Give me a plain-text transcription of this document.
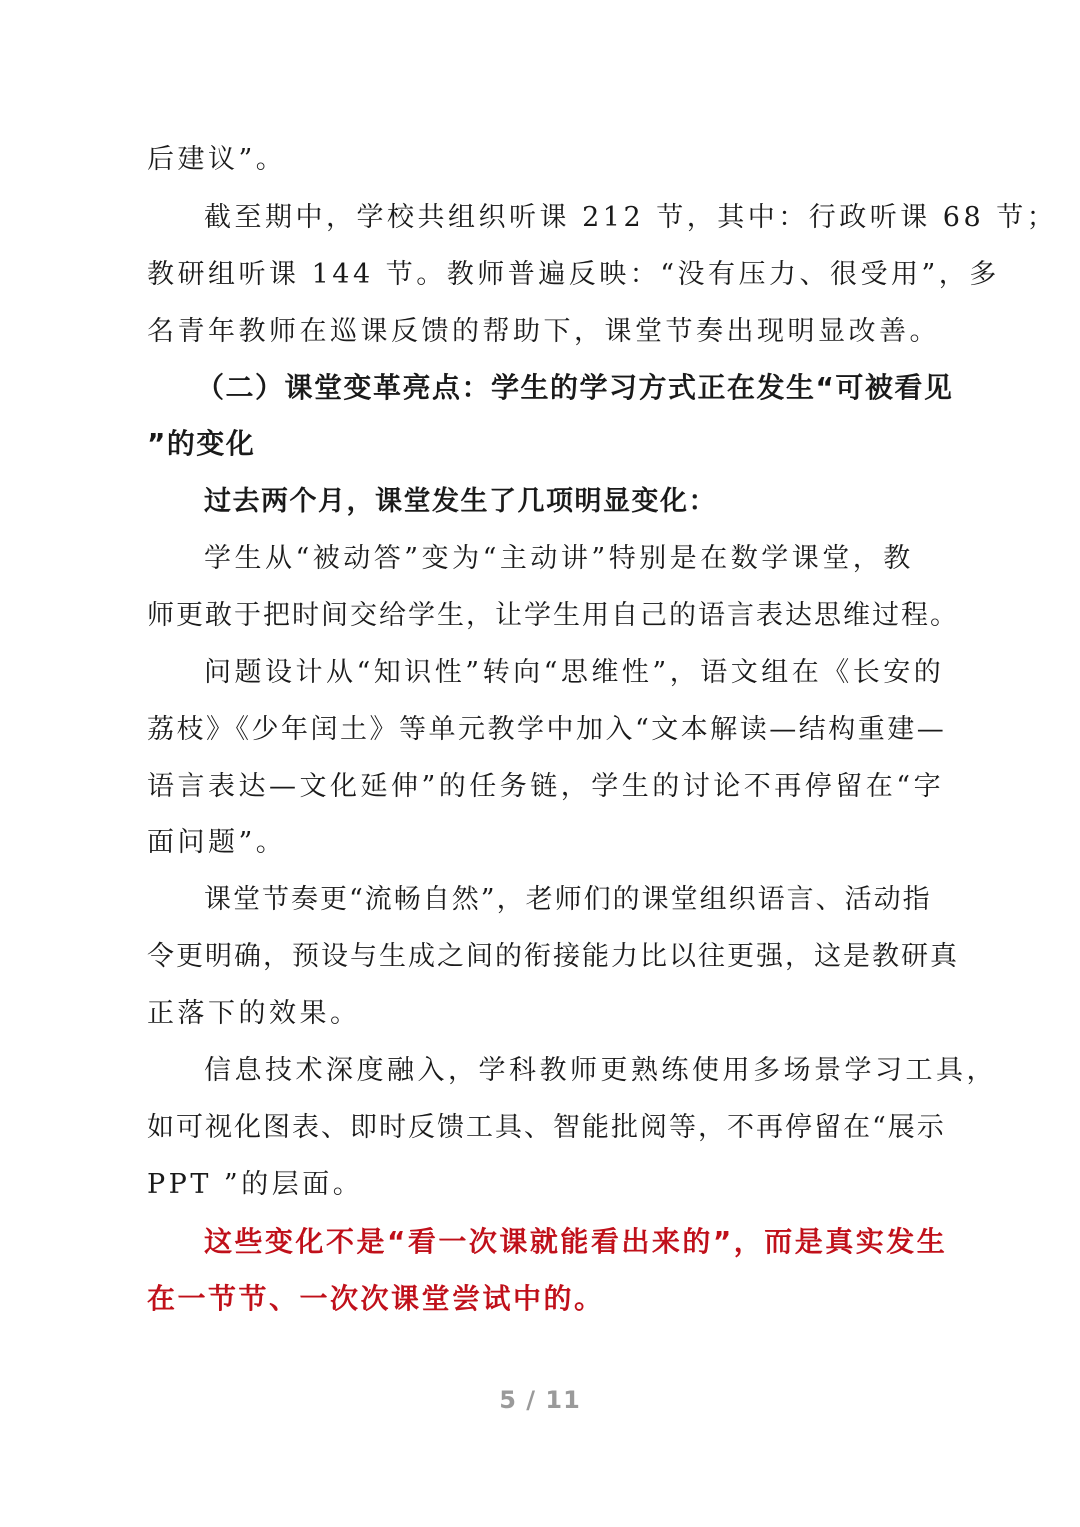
后建议”。
截至期中，学校共组织听课 212 节，其中：行政听课 68 节；
教研组听课 144 节。教师普遍反映：“没有压力、很受用”，多
名青年教师在巡课反馈的帮助下，课堂节奏出现明显改善。
（二）课堂变革亮点：学生的学习方式正在发生“可被看见
”的变化
过去两个月，课堂发生了几项明显变化：
学生从“被动答”变为“主动讲”特别是在数学课堂，教
师更敢于把时间交给学生，让学生用自己的语言表达思维过程。
问题设计从“知识性”转向“思维性”，语文组在《长安的
荔枝》《少年闰土》等单元教学中加入“文本解读—结构重建—
语言表达—文化延伸”的任务链，学生的讨论不再停留在“字
面问题”。
课堂节奏更“流畅自然”，老师们的课堂组织语言、活动指
令更明确，预设与生成之间的衔接能力比以往更强，这是教研真
正落下的效果。
信息技术深度融入，学科教师更熟练使用多场景学习工具，
如可视化图表、即时反馈工具、智能批阅等，不再停留在“展示
PPT ”的层面。
这些变化不是“看一次课就能看出来的”，而是真实发生
在一节节、一次次课堂尝试中的。
5 / 11
